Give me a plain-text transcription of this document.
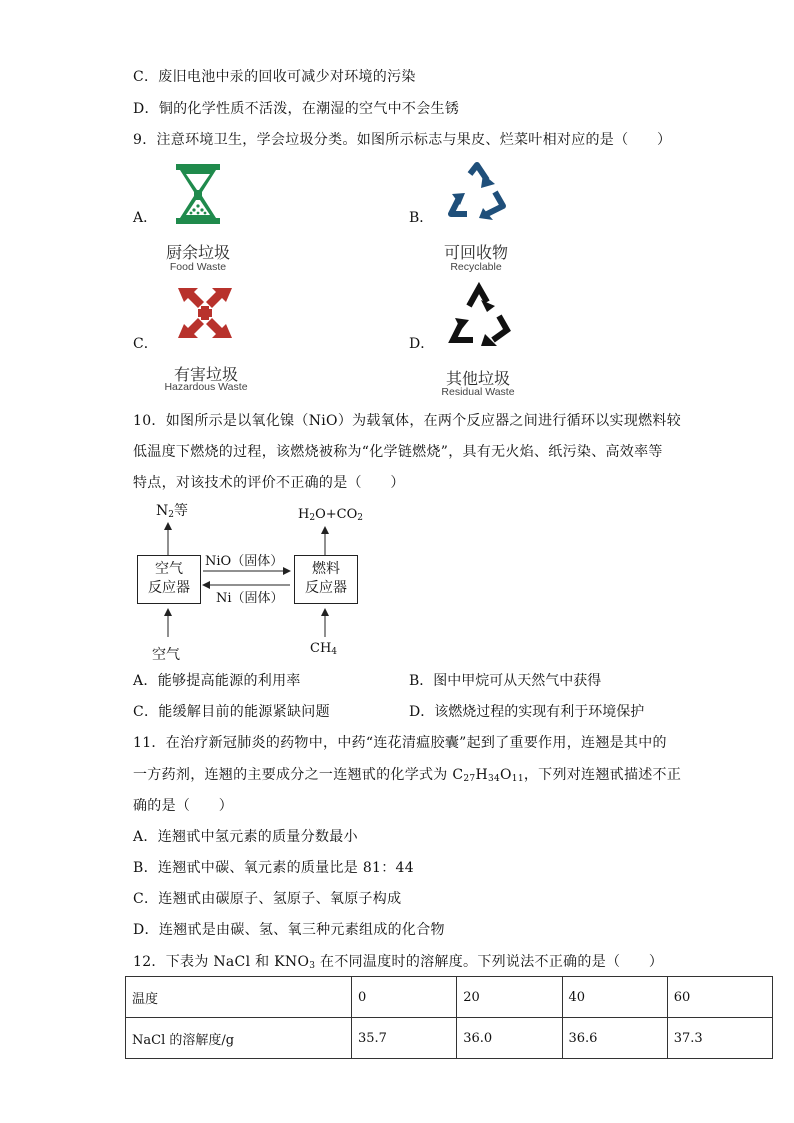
C．废旧电池中汞的回收可减少对环境的污染
D．铜的化学性质不活泼，在潮湿的空气中不会生锈
9．注意环境卫生，学会垃圾分类。如图所示标志与果皮、烂菜叶相对应的是（　　）
A．
厨余垃圾
Food Waste
B．
可回收物
Recyclable
C．
有害垃圾
Hazardous Waste
D．
其他垃圾
Residual Waste
10．如图所示是以氧化镍（NiO）为载氧体，在两个反应器之间进行循环以实现燃料较
低温度下燃烧的过程，该燃烧被称为“化学链燃烧”，具有无火焰、纸污染、高效率等
特点，对该技术的评价不正确的是（　　）
$N_2$等	$H_2O+CO_2$
空气
反应器
燃料
反应器
NiO（固体）
Ni（固体）
空气	$CH_4$
A．能够提高能源的利用率	B．图中甲烷可从天然气中获得
C．能缓解目前的能源紧缺问题	D．该燃烧过程的实现有利于环境保护
11．在治疗新冠肺炎的药物中，中药“连花清瘟胶囊”起到了重要作用，连翘是其中的
一方药剂，连翘的主要成分之一连翘甙的化学式为 $C_{27}H_{34}O_{11}$，下列对连翘甙描述不正
确的是（　　）
A．连翘甙中氢元素的质量分数最小
B．连翘甙中碳、氧元素的质量比是 81：44
C．连翘甙由碳原子、氢原子、氧原子构成
D．连翘甙是由碳、氢、氧三种元素组成的化合物
12．下表为 NaCl 和 $KNO_3$ 在不同温度时的溶解度。下列说法不正确的是（　　）
温度	0	20	40	60
NaCl 的溶解度/g	35.7	36.0	36.6	37.3
